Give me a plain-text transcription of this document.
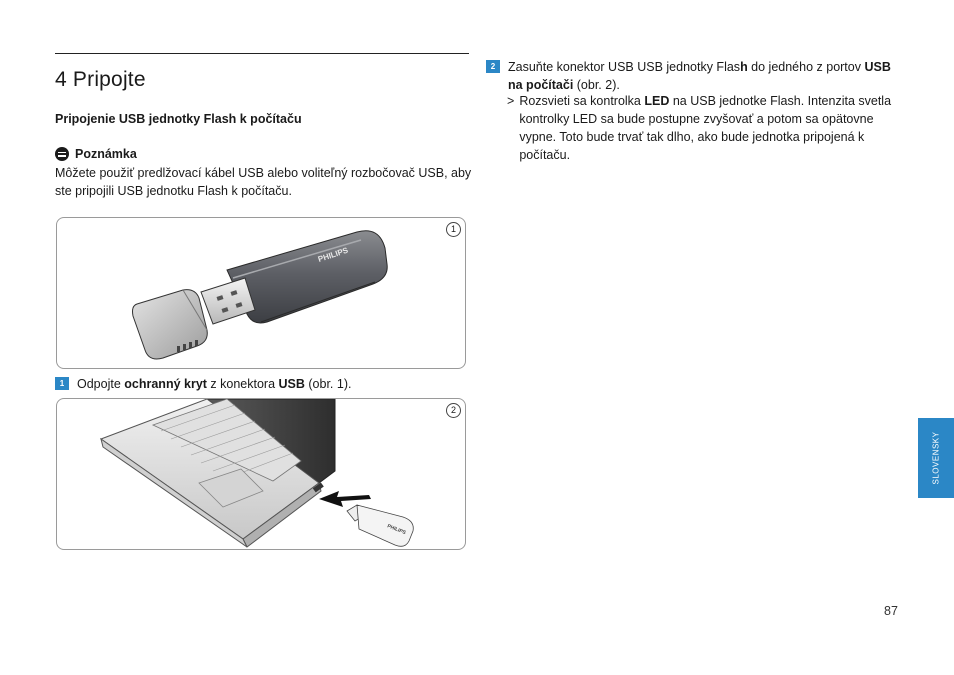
4 Pripojte
Pripojenie USB jednotky Flash k počítaču
Poznámka
Môžete použiť predlžovací kábel USB alebo voliteľný rozbočovač USB, aby ste pripojili USB jednotku Flash k počítaču.
1
PHILIPS
1	Odpojte ochranný kryt z konektora USB (obr. 1).
2
PHILIPS
2	Zasuňte konektor USB USB jednotky Flash do jedného z portov USB na počítači (obr. 2).
> Rozsvieti sa kontrolka LED na USB jednotke Flash. Intenzita svetla kontrolky LED sa bude postupne zvyšovať a potom sa opätovne vypne. Toto bude trvať tak dlho, ako bude jednotka pripojená k počítaču.
SLOVENSKY
87
